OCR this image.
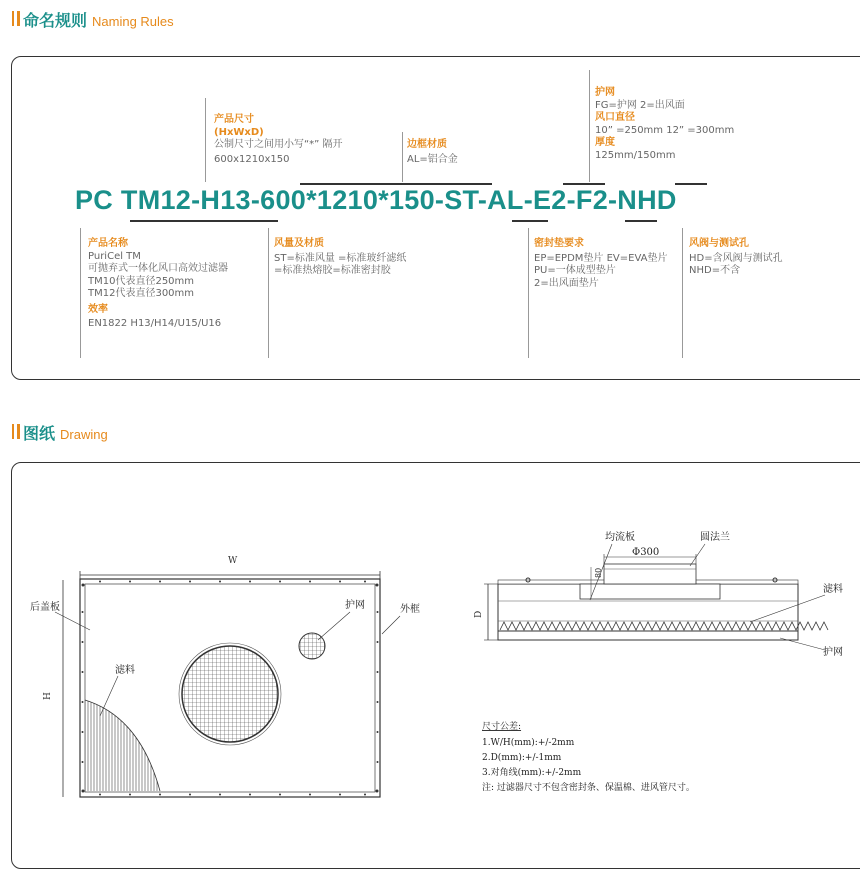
命名规则 Naming Rules
产品尺寸
(HxWxD)
公制尺寸之间用小写“*” 隔开
600x1210x150
边框材质
AL=铝合金
护网
FG=护网 2=出风面
风口直径
10” =250mm 12” =300mm
厚度
125mm/150mm
PC TM12-H13-600*1210*150-ST-AL-E2-F2-NHD
产品名称
PuriCel TM
可抛弃式一体化风口高效过滤器
TM10代表直径250mm
TM12代表直径300mm
效率
EN1822 H13/H14/U15/U16
风量及材质
ST=标准风量 =标准玻纤滤纸
=标准热熔胶=标准密封胶
密封垫要求
EP=EPDM垫片 EV=EVA垫片
PU=一体成型垫片
2=出风面垫片
风阀与测试孔
HD=含风阀与测试孔
NHD=不含
图纸 Drawing
W
H
后盖板	护网	外框
滤料
D
Φ300
80
均流板	圆法兰
滤料
护网
尺寸公差:
1.W/H(mm):+/-2mm
2.D(mm):+/-1mm
3.对角线(mm):+/-2mm
注: 过滤器尺寸不包含密封条、保温棉、进风管尺寸。
